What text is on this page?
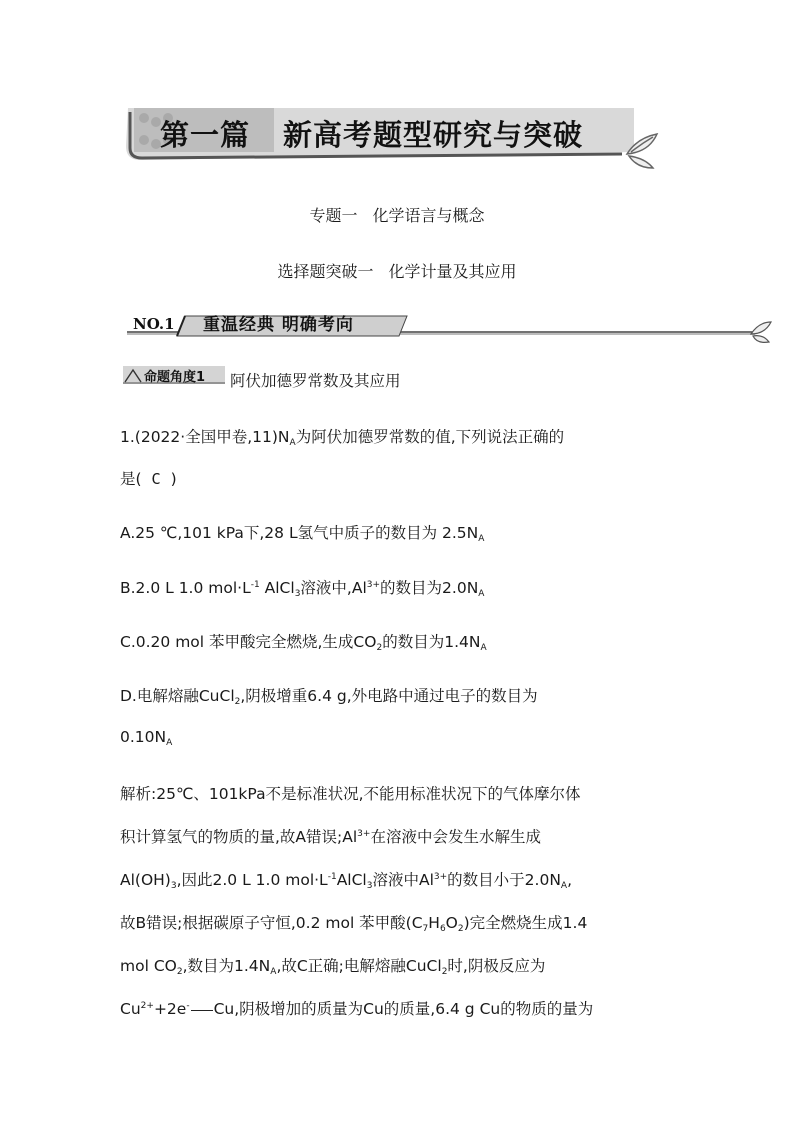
第一篇 新高考题型研究与突破
专题一 化学语言与概念
选择题突破一 化学计量及其应用
NO.1 重温经典 明确考向
命题角度1 阿伏加德罗常数及其应用
1.(2022·全国甲卷$,11)N_A$为阿伏加德罗常数的值,下列说法正确的
是( C )
A.25 ℃,101 kPa下,28 L氢气中质子的数目为 $2.5N_A$
B.2.0 L 1.0 $mol\cdot L^{-1}$ AlCl$_3$溶液中$,Al^{3+}$的数目为$2.0N_A$
C.0.20 mol 苯甲酸完全燃烧,生成$CO_2$的数目为$1.4N_A$
D.电解熔融CuCl$_2$,阴极增重6.4 g,外电路中通过电子的数目为
$0.10N_A$
解析:25℃、101kPa不是标准状况,不能用标准状况下的气体摩尔体
积计算氢气的物质的量,故A错误$;Al^{3+}$在溶液中会发生水解生成
$Al(OH)_3$,因此2.0 L 1.0 $mol\cdot L^{-1}AlCl_3$溶液中$Al^{3+}$的数目小于$2.0N_A$,
故B错误;根据碳原子守恒,0.2 mol 苯甲酸$(C_7H_6O_2)$完全燃烧生成1.4
mol $CO_2$,数目为$1.4N_A$,故C正确;电解熔融CuCl$_2$时,阴极反应为
$Cu^{2+}+2e^-$ Cu,阴极增加的质量为Cu的质量,6.4 g Cu的物质的量为
